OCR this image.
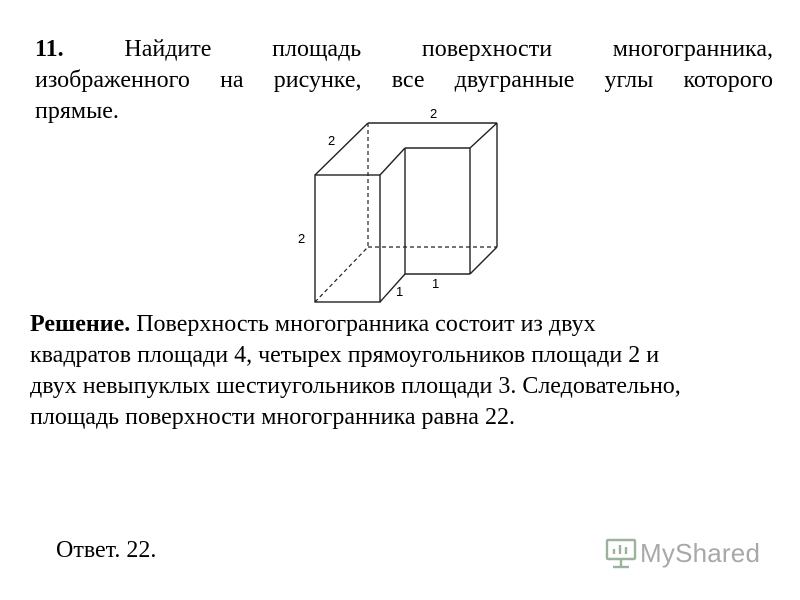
11.	Найдите площадь поверхности многогранника,
изображенного на рисунке, все двугранные углы которого
прямые.
2
2
2
1
1
Решение. Поверхность многогранника состоит из двух
квадратов площади 4, четырех прямоугольников площади 2 и
двух невыпуклых шестиугольников площади 3. Следовательно,
площадь поверхности многогранника равна 22.
Ответ. 22.	MyShared
